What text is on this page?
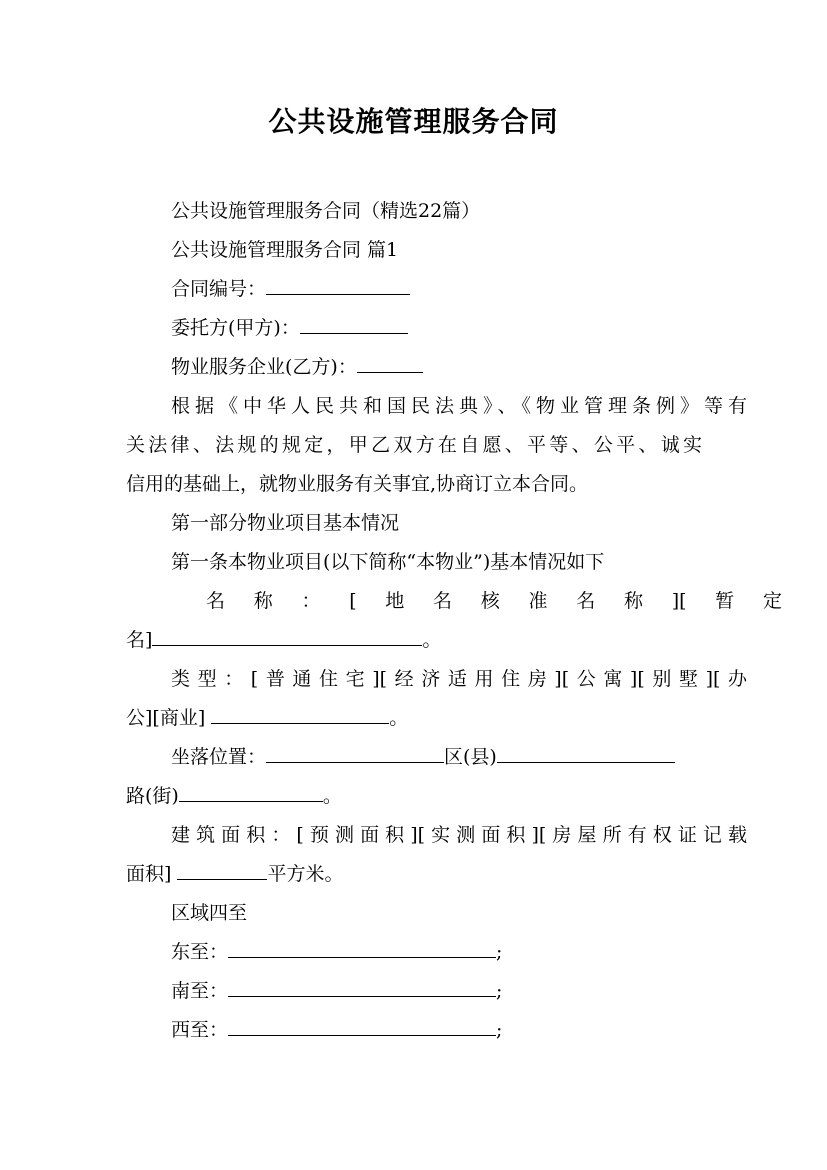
公共设施管理服务合同
公共设施管理服务合同（精选22篇）
公共设施管理服务合同 篇1
合同编号：
委托方(甲方)：
物业服务企业(乙方)：
根据《中华人民共和国民法典》、《物业管理条例》等有
关法律、法规的规定，甲乙双方在自愿、平等、公平、诚实
信用的基础上，就物业服务有关事宜,协商订立本合同。
第一部分物业项目基本情况
第一条本物业项目(以下简称“本物业”)基本情况如下
名称：[地名核准名称][暂定
名]	。
类型：[普通住宅][经济适用住房][公寓][别墅][办
公][商业]	。
坐落位置：	区(县)
路(街)	。
建筑面积：[预测面积][实测面积][房屋所有权证记载
面积]	平方米。
区域四至
东至：	;
南至：	;
西至：	;
